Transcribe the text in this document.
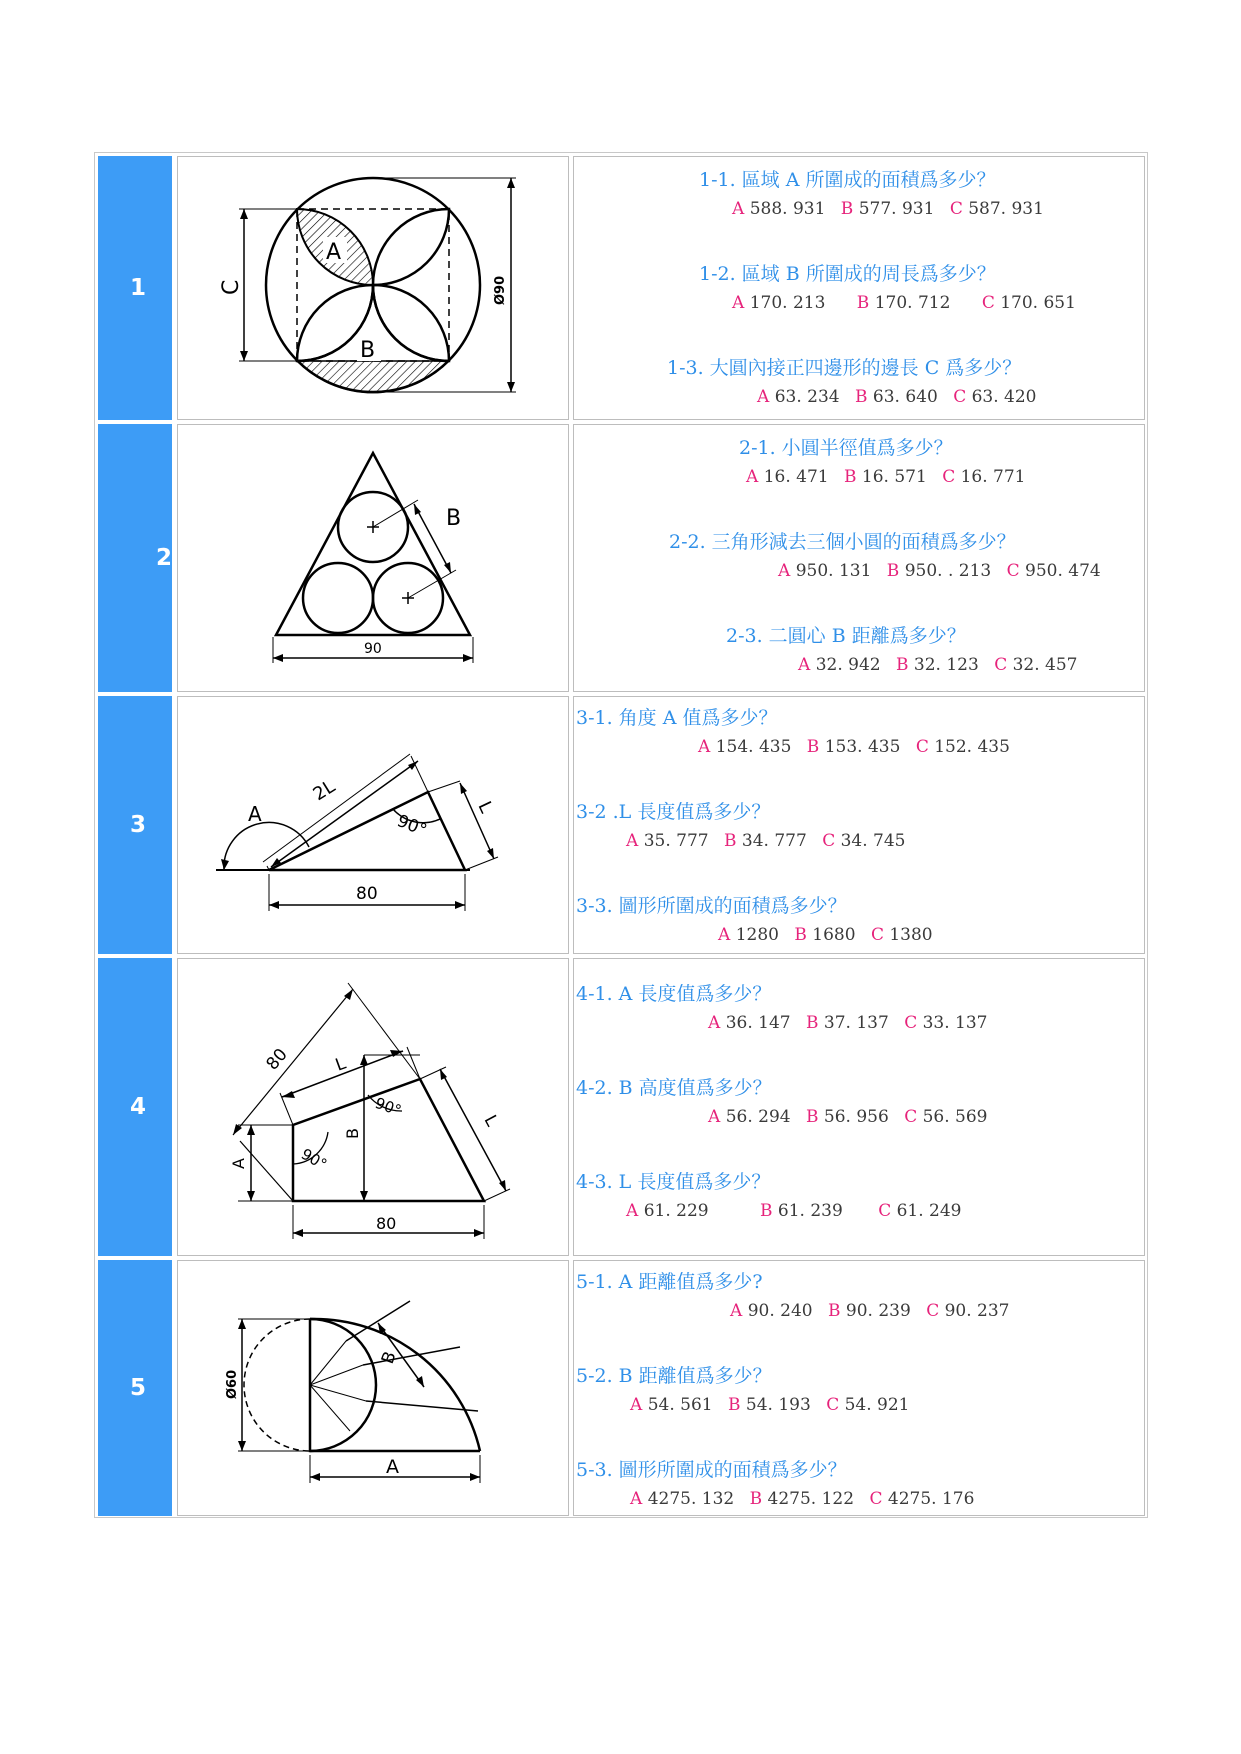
1
A
B
C	Ø90
1-1. 區域 A 所圍成的面積爲多少？
A 588. 931 B 577. 931 C 587. 931
1-2. 區域 B 所圍成的周長爲多少？
A 170. 213 B 170. 712 C 170. 651
1-3. 大圓內接正四邊形的邊長 C 爲多少？
A 63. 234 B 63. 640 C 63. 420
2
B
90
2-1. 小圓半徑值爲多少？
A 16. 471 B 16. 571 C 16. 771
2-2. 三角形減去三個小圓的面積爲多少？
A 950. 131 B 950. . 213 C 950. 474
2-3. 二圓心 B 距離爲多少？
A 32. 942 B 32. 123 C 32. 457
3	A
2L
L
90°
80
3-1. 角度 A 值爲多少？
A 154. 435 B 153. 435 C 152. 435
3-2 .L 長度值爲多少？
A 35. 777 B 34. 777 C 34. 745
3-3. 圖形所圍成的面積爲多少？
A 1280 B 1680 C 1380
4
80 L
L
B
A	90°
90°
80
4-1. A 長度值爲多少？
A 36. 147 B 37. 137 C 33. 137
4-2. B 高度值爲多少？
A 56. 294 B 56. 956 C 56. 569
4-3. L 長度值爲多少？
A 61. 229	B 61. 239 C 61. 249
5
B
Ø60
A
5-1. A 距離值爲多少?
A 90. 240 B 90. 239 C 90. 237
5-2. B 距離值爲多少？
A 54. 561 B 54. 193 C 54. 921
5-3. 圖形所圍成的面積爲多少？
A 4275. 132 B 4275. 122 C 4275. 176
